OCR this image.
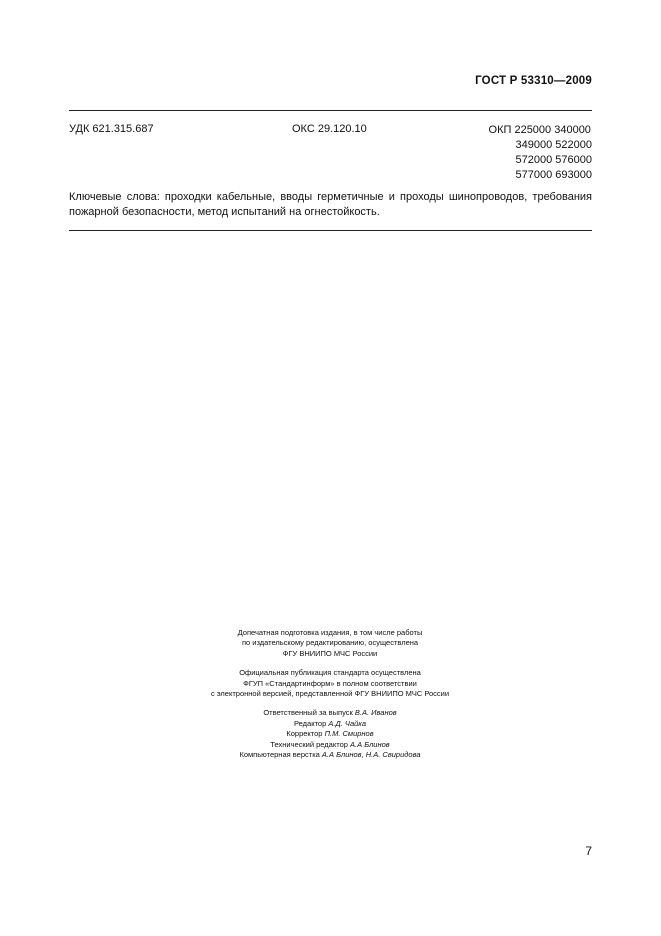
ГОСТ Р 53310—2009
УДК 621.315.687	ОКС 29.120.10	ОКП 225000 340000
349000 522000
572000 576000
577000 693000
Ключевые слова: проходки кабельные, вводы герметичные и проходы шинопроводов, требования пожарной безопасности, метод испытаний на огнестойкость.
Допечатная подготовка издания, в том числе работы
по издательскому редактированию, осуществлена
ФГУ ВНИИПО МЧС России
Официальная публикация стандарта осуществлена
ФГУП «Стандартинформ» в полном соответствии
с электронной версией, представленной ФГУ ВНИИПО МЧС России
Ответственный за выпуск В.А. Иванов
Редактор А.Д. Чайка
Корректор П.М. Смирнов
Технический редактор А.А Блинов
Компьютерная верстка А.А Блинов, Н.А. Свиридова
7
